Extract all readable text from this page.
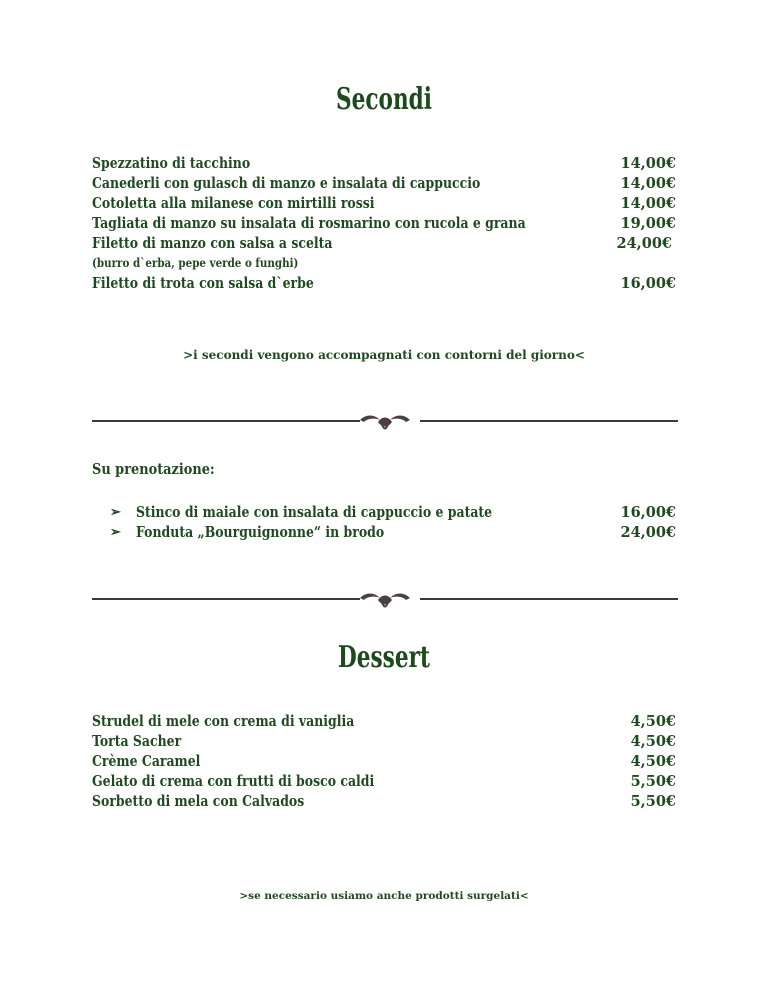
Secondi
Spezzatino di tacchino	14,00€
Canederli con gulasch di manzo e insalata di cappuccio	14,00€
Cotoletta alla milanese con mirtilli rossi	14,00€
Tagliata di manzo su insalata di rosmarino con rucola e grana	19,00€
Filetto di manzo con salsa a scelta	24,00€
(burro d`erba, pepe verde o funghi)
Filetto di trota con salsa d`erbe	16,00€
>i secondi vengono accompagnati con contorni del giorno<
Su prenotazione:
➢ Stinco di maiale con insalata di cappuccio e patate	16,00€
➢ Fonduta „Bourguignonne“ in brodo	24,00€
Dessert
Strudel di mele con crema di vaniglia	4,50€
Torta Sacher	4,50€
Crème Caramel	4,50€
Gelato di crema con frutti di bosco caldi	5,50€
Sorbetto di mela con Calvados	5,50€
>se necessario usiamo anche prodotti surgelati<
